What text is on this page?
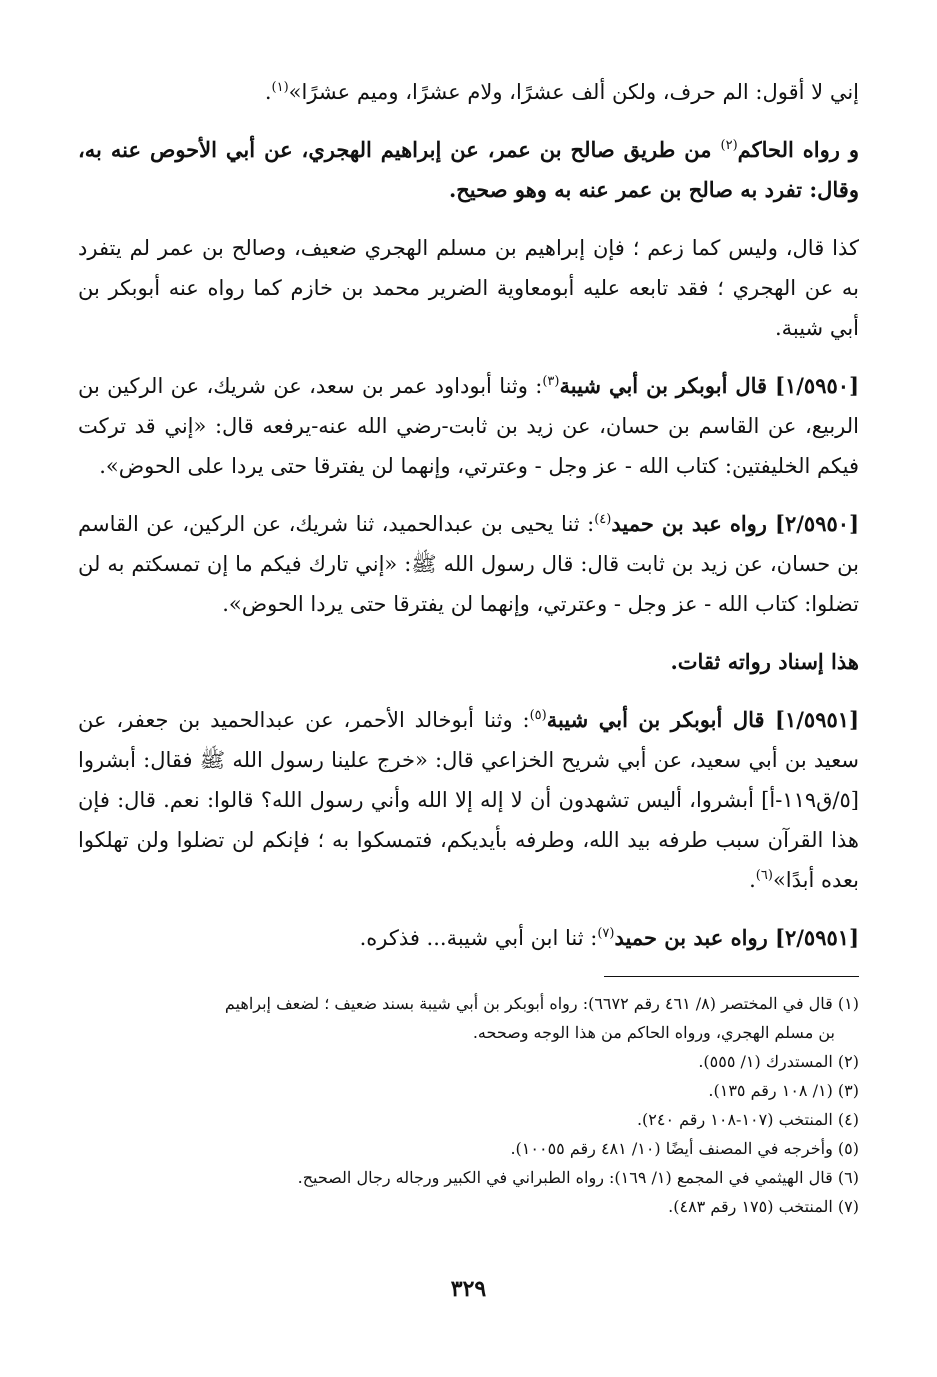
إني لا أقول: الم حرف، ولكن ألف عشرًا، ولام عشرًا، وميم عشرًا»$^{(١)}$.

و رواه الحاكم$^{(٢)}$ من طريق صالح بن عمر، عن إبراهيم الهجري، عن أبي الأحوص عنه به، وقال: تفرد به صالح بن عمر عنه به وهو صحيح.

كذا قال، وليس كما زعم ؛ فإن إبراهيم بن مسلم الهجري ضعيف، وصالح بن عمر لم يتفرد به عن الهجري ؛ فقد تابعه عليه أبومعاوية الضرير محمد بن خازم كما رواه عنه أبوبكر بن أبي شيبة.

[١/٥٩٥٠] قال أبوبكر بن أبي شيبة$^{(٣)}$: وثنا أبوداود عمر بن سعد، عن شريك، عن الركين بن الربيع، عن القاسم بن حسان، عن زيد بن ثابت-رضي الله عنه-يرفعه قال: «إني قد تركت فيكم الخليفتين: كتاب الله - عز وجل - وعترتي، وإنهما لن يفترقا حتى يردا على الحوض».

[٢/٥٩٥٠] رواه عبد بن حميد$^{(٤)}$: ثنا يحيى بن عبدالحميد، ثنا شريك، عن الركين، عن القاسم بن حسان، عن زيد بن ثابت قال: قال رسول الله ﷺ: «إني تارك فيكم ما إن تمسكتم به لن تضلوا: كتاب الله - عز وجل - وعترتي، وإنهما لن يفترقا حتى يردا الحوض».

هذا إسناد رواته ثقات.

[١/٥٩٥١] قال أبوبكر بن أبي شيبة$^{(٥)}$: وثنا أبوخالد الأحمر، عن عبدالحميد بن جعفر، عن سعيد بن أبي سعيد، عن أبي شريح الخزاعي قال: «خرج علينا رسول الله ﷺ فقال: أبشروا [٥/ق١١٩-أ] أبشروا، أليس تشهدون أن لا إله إلا الله وأني رسول الله؟ قالوا: نعم. قال: فإن هذا القرآن سبب طرفه بيد الله، وطرفه بأيديكم، فتمسكوا به ؛ فإنكم لن تضلوا ولن تهلكوا بعده أبدًا»$^{(٦)}$.

[٢/٥٩٥١] رواه عبد بن حميد$^{(٧)}$: ثنا ابن أبي شيبة... فذكره.

(١) قال في المختصر (٨/ ٤٦١ رقم ٦٦٧٢): رواه أبوبكر بن أبي شيبة بسند ضعيف ؛ لضعف إبراهيم

بن مسلم الهجري، ورواه الحاكم من هذا الوجه وصححه.

(٢) المستدرك (١/ ٥٥٥).

(٣) (١/ ١٠٨ رقم ١٣٥).

(٤) المنتخب (١٠٧-١٠٨ رقم ٢٤٠).

(٥) وأخرجه في المصنف أيضًا (١٠/ ٤٨١ رقم ١٠٠٥٥).

(٦) قال الهيثمي في المجمع (١/ ١٦٩): رواه الطبراني في الكبير ورجاله رجال الصحيح.

(٧) المنتخب (١٧٥ رقم ٤٨٣).

٣٢٩
